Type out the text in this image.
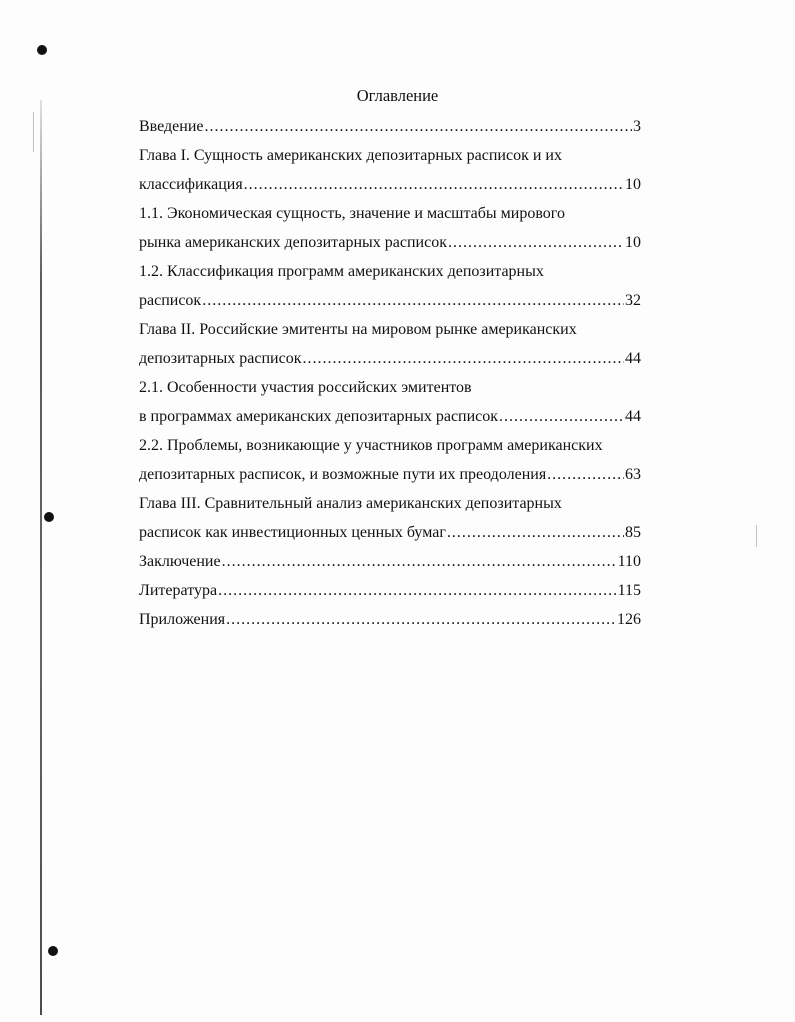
Оглавление
Введение .....	3
Глава I. Сущность американских депозитарных расписок и их
классификация .....	10
1.1. Экономическая сущность, значение и масштабы мирового
рынка американских депозитарных расписок .....	10
1.2. Классификация программ американских депозитарных
расписок .....	32
Глава II. Российские эмитенты на мировом рынке американских
депозитарных расписок .....	44
2.1. Особенности участия российских эмитентов
в программах американских депозитарных расписок .....	44
2.2. Проблемы, возникающие у участников программ американских
депозитарных расписок, и возможные пути их преодоления .....	63
Глава III. Сравнительный анализ американских депозитарных
расписок как инвестиционных ценных бумаг .....	85
Заключение .....	110
Литература .....	115
Приложения .....	126
